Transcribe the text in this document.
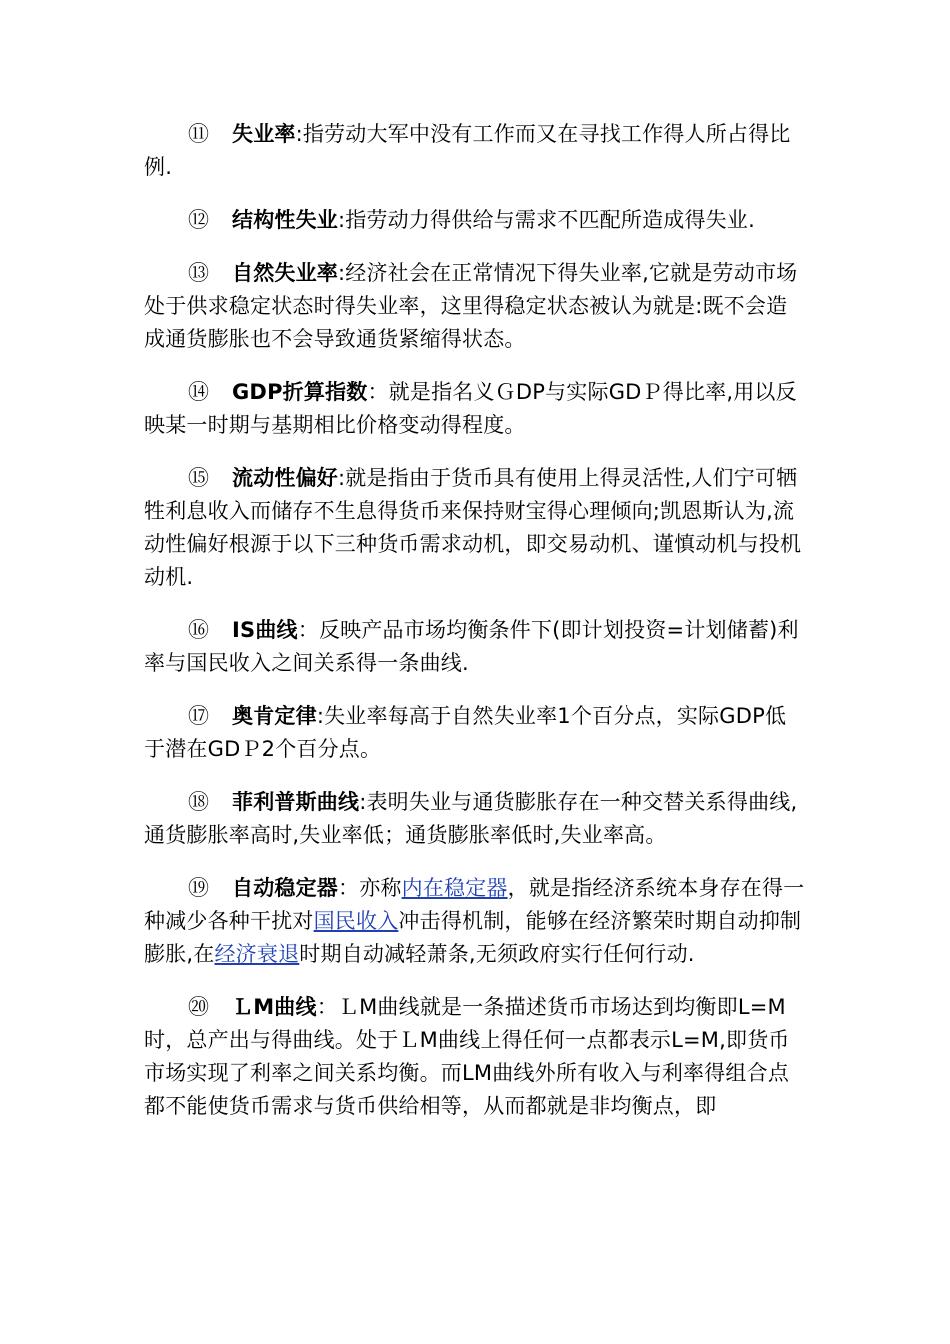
⑪ 失业率:指劳动大军中没有工作而又在寻找工作得人所占得比例.

⑫ 结构性失业:指劳动力得供给与需求不匹配所造成得失业.

⑬ 自然失业率:经济社会在正常情况下得失业率,它就是劳动市场处于供求稳定状态时得失业率，这里得稳定状态被认为就是:既不会造成通货膨胀也不会导致通货紧缩得状态。

⑭ GDP折算指数：就是指名义ＧDP与实际GDＰ得比率,用以反映某一时期与基期相比价格变动得程度。

⑮ 流动性偏好:就是指由于货币具有使用上得灵活性,人们宁可牺牲利息收入而储存不生息得货币来保持财宝得心理倾向;凯恩斯认为,流动性偏好根源于以下三种货币需求动机，即交易动机、谨慎动机与投机动机.

⑯ IS曲线：反映产品市场均衡条件下(即计划投资=计划储蓄)利率与国民收入之间关系得一条曲线.

⑰ 奥肯定律:失业率每高于自然失业率1个百分点，实际GDP低于潜在GDＰ2个百分点。

⑱ 菲利普斯曲线:表明失业与通货膨胀存在一种交替关系得曲线,通货膨胀率高时,失业率低；通货膨胀率低时,失业率高。

⑲ 自动稳定器：亦称内在稳定器，就是指经济系统本身存在得一种减少各种干扰对国民收入冲击得机制，能够在经济繁荣时期自动抑制膨胀,在经济衰退时期自动减轻萧条,无须政府实行任何行动.

⑳ ＬM曲线：ＬM曲线就是一条描述货币市场达到均衡即L=M时，总产出与得曲线。处于ＬM曲线上得任何一点都表示L=M,即货币市场实现了利率之间关系均衡。而LM曲线外所有收入与利率得组合点都不能使货币需求与货币供给相等，从而都就是非均衡点，即
